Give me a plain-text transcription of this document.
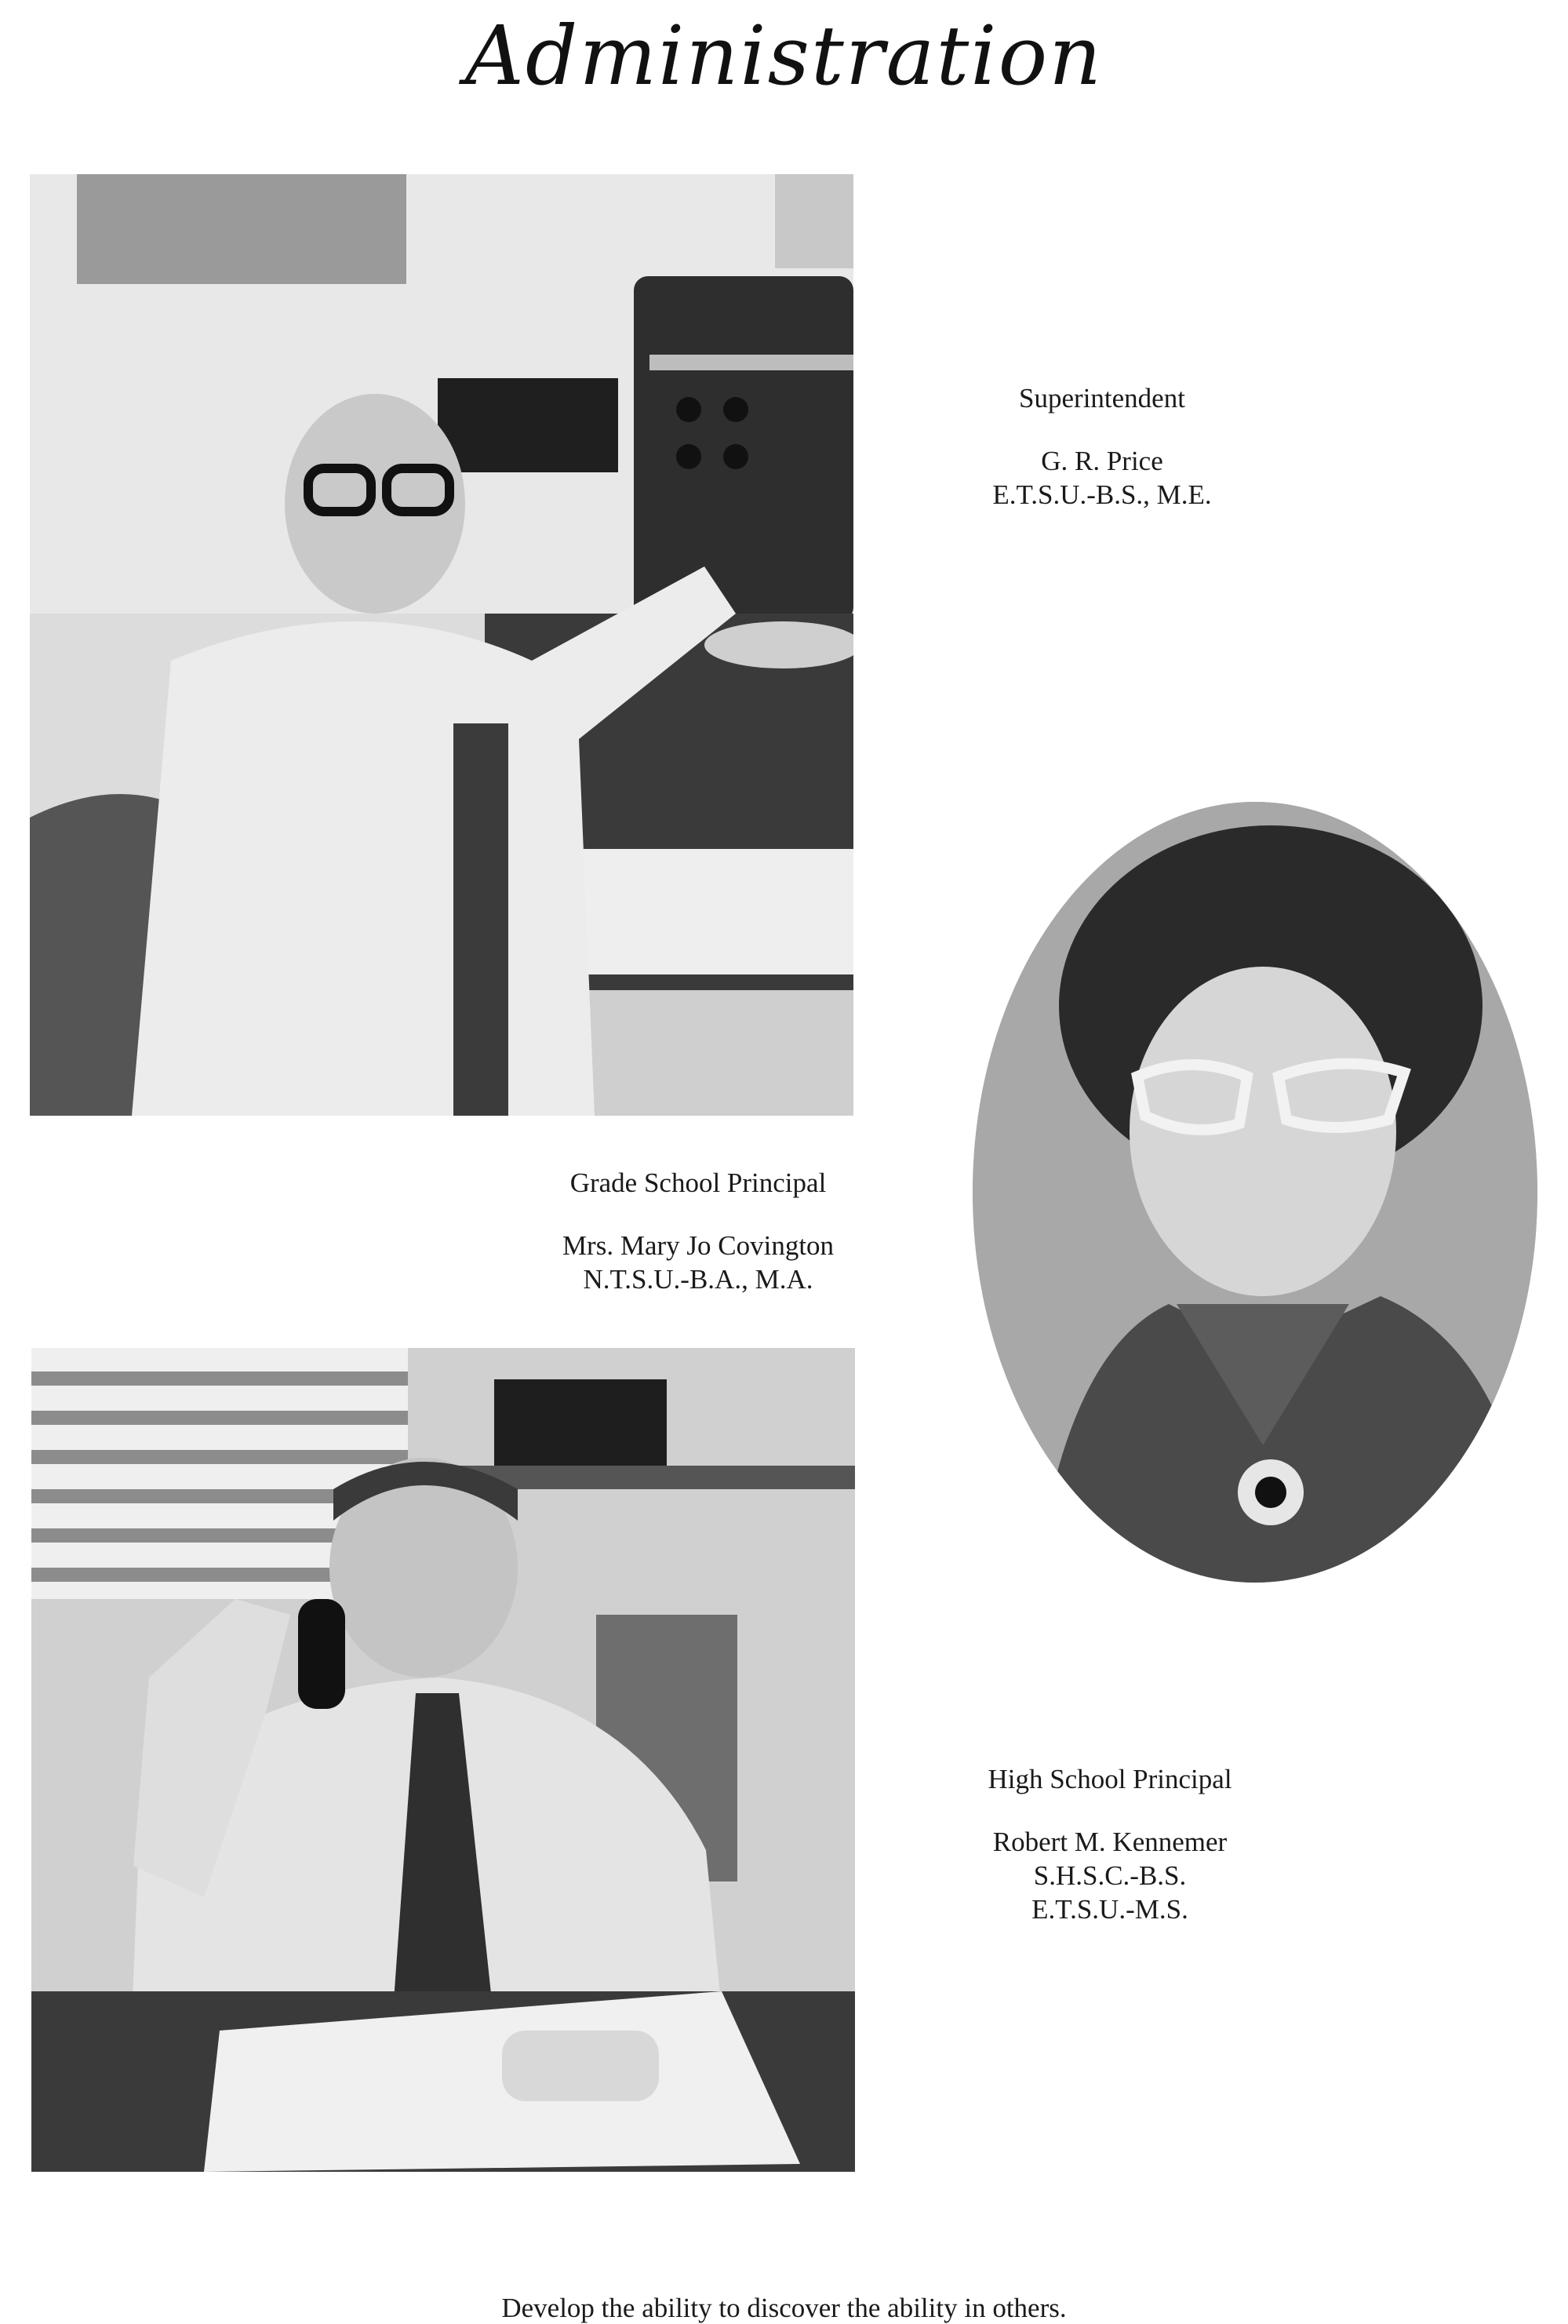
Administration
Superintendent
G. R. Price
E.T.S.U.-B.S., M.E.
Grade School Principal
Mrs. Mary Jo Covington
N.T.S.U.-B.A., M.A.
High School Principal
Robert M. Kennemer
S.H.S.C.-B.S.
E.T.S.U.-M.S.
Develop the ability to discover the ability in others.
